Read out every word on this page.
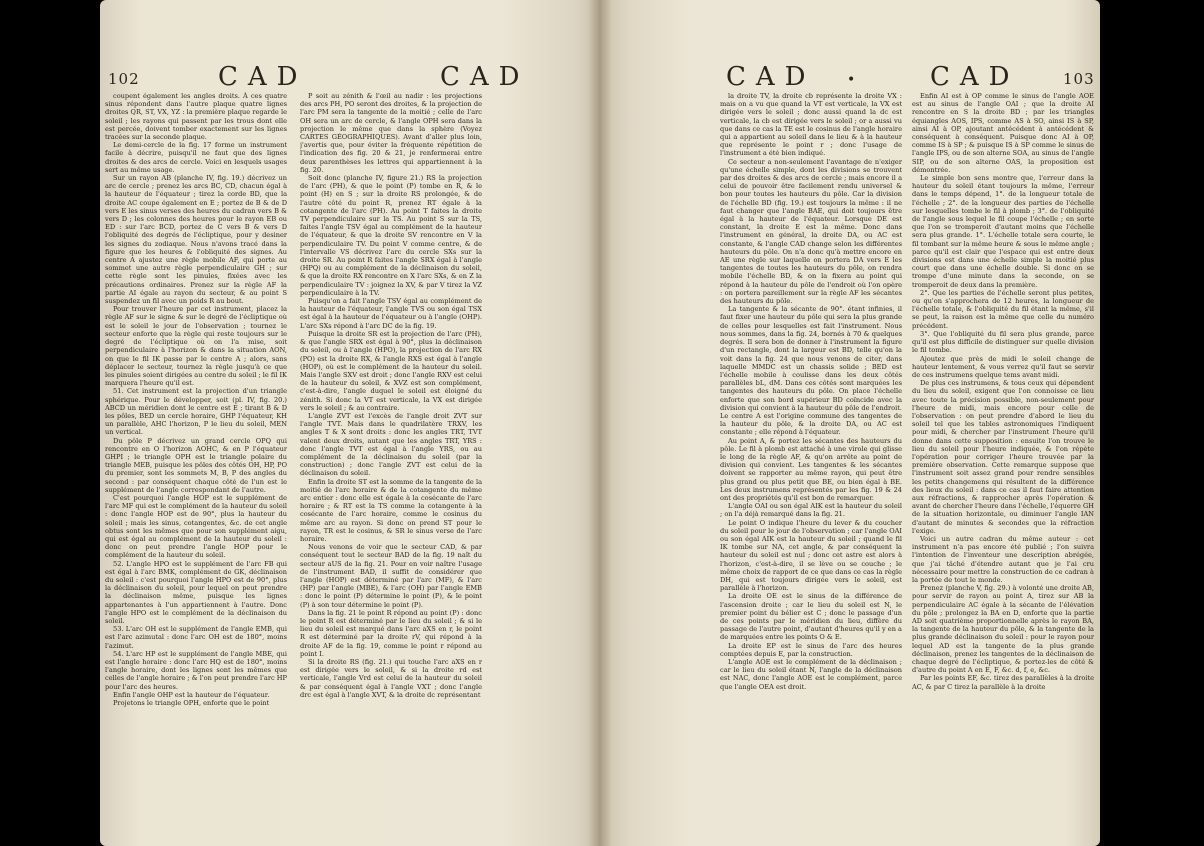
102	CAD	CAD

coupent également les angles droits. À ces quatre sinus répondent dans l'autre plaque quatre lignes droites QR, ST, VX, YZ : la première plaque regarde le soleil ; les rayons qui passent par les trous dont elle est percée, doivent tomber exactement sur les lignes tracées sur la seconde plaque.

Le demi-cercle de la fig. 17 forme un instrument facile à décrire, puisqu'il ne faut que des lignes droites & des arcs de cercle. Voici en lesquels usages sert au même usage.

Sur un rayon AB (planche IV, fig. 19.) décrivez un arc de cercle ; prenez les arcs BC, CD, chacun égal à la hauteur de l'équateur ; tirez la corde BD, que la droite AC coupe également en E ; portez de B & de D vers E les sinus verses des heures du cadran vers B & vers D ; les colonnes des heures pour le rayon EB ou ED : sur l'arc BCD, portez de C vers B & vers D l'obliquité des degrés de l'écliptique, pour y desiner les signes du zodiaque. Nous n'avons tracé dans la figure que les heures & l'obliquité des signes. Au centre A ajustez une règle mobile AF, qui porte au sommet une autre règle perpendiculaire GH ; sur cette règle sont les pinules, fixées avec les précautions ordinaires. Prenez sur la règle AF la partie AI égale au rayon du secteur, & au point S suspendez un fil avec un poids R au bout.

Pour trouver l'heure par cet instrument, placez la règle AF sur le signe & sur le degré de l'écliptique où est le soleil le jour de l'observation ; tournez le secteur enforte que la règle qui reste toujours sur le degré de l'écliptique où on l'a mise, soit perpendiculaire à l'horizon & dans la situation AON, on que le fil IK passe par le centre A ; alors, sans déplacer le secteur, tournez la règle jusqu'à ce que les pinules soient dirigées au centre du soleil ; le fil IK marquera l'heure qu'il est.

51. Cet instrument est la projection d'un triangle sphérique. Pour le développer, soit (pl. IV, fig. 20.) ABCD un méridien dont le centre est E ; tirant B & D les pôles, BED un cercle horaire, GHP l'équateur, KH un parallèle, AHC l'horizon, P le lieu du soleil, MEN un vertical.

Du pôle P décrivez un grand cercle OPQ qui rencontre en O l'horizon AOHC, & en P l'équateur GHPI ; le triangle OPH est le triangle polaire du triangle MEB, puisque les pôles des côtés OH, HP, PO du premier, sont les sommets M, B, P des angles du second : par conséquent chaque côté de l'un est le supplément de l'angle correspondant de l'autre.

C'est pourquoi l'angle HOP est le supplément de l'arc MF qui est le complément de la hauteur du soleil : donc l'angle HOP est de 90°, plus la hauteur du soleil ; mais les sinus, cotangentes, &c. de cet angle obtus sont les mêmes que pour son supplément aigu, qui est égal au complément de la hauteur du soleil : donc on peut prendre l'angle HOP pour le complément de la hauteur du soleil.

52. L'angle HPO est le supplément de l'arc FB qui est égal à l'arc BMK, complément de GK, déclinaison du soleil : c'est pourquoi l'angle HPO est de 90°, plus la déclinaison du soleil, pour lequel on peut prendre la déclinaison même, puisque les lignes appartenantes à l'un appartiennent à l'autre. Donc l'angle HPO est le complément de la déclinaison du soleil.

53. L'arc OH est le supplément de l'angle EMB, qui est l'arc azimutal : donc l'arc OH est de 180°, moins l'azimut.

54. L'arc HP est le supplément de l'angle MBE, qui est l'angle horaire : donc l'arc HQ est de 180°, moins l'angle horaire, dont les lignes sont les mêmes que celles de l'angle horaire ; & l'on peut prendre l'arc HP pour l'arc des heures.

Enfin l'angle OHP est la hauteur de l'équateur.

Projetons le triangle OPH, enforte que le point

P soit au zénith & l'œil au nadir : les projections des arcs PH, PO seront des droites, & la projection de l'arc PM sera la tangente de la moitié ; celle de l'arc OH sera un arc de cercle, & l'angle OPH sera dans la projection le même que dans la sphère (Voyez CARTES GÉOGRAPHIQUES). Avant d'aller plus loin, j'avertis que, pour éviter la fréquente répétition de l'indication des fig. 20 & 21, je renfermerai entre deux parenthèses les lettres qui appartiennent à la fig. 20.

Soit donc (planche IV, figure 21.) RS la projection de l'arc (PH), & que le point (P) tombe en R, & le point (H) en S ; sur la droite RS prolongée, & de l'autre côté du point R, prenez RT égale à la cotangente de l'arc (PH). Au point T faites la droite TV perpendiculaire sur la TS. Au point S sur la TS, faites l'angle TSV égal au complément de la hauteur de l'équateur, & que la droite SV rencontre en V la perpendiculaire TV. Du point V comme centre, & de l'intervalle VS décrivez l'arc du cercle SXs sur la droite SR. Au point R faites l'angle SRX égal à l'angle (HPQ) ou au complément de la déclinaison du soleil, & que la droite RX rencontre en X l'arc SXs, & en Z la perpendiculaire TV : joignez la XV, & par V tirez la VZ perpendiculaire à la TV.

Puisqu'on a fait l'angle TSV égal au complément de la hauteur de l'équateur, l'angle TVS ou son égal TSX est égal à la hauteur de l'équateur ou à l'angle (OHP). L'arc SXs répond à l'arc DC de la fig. 19.

Puisque la droite SR est la projection de l'arc (PH), & que l'angle SRX est égal à 90°, plus la déclinaison du soleil, ou à l'angle (HPO), la projection de l'arc RX (PO) est la droite RX, & l'angle RXS est égal à l'angle (HOP), où est le complément de la hauteur du soleil. Mais l'angle SXV est droit ; donc l'angle RXV est celui de la hauteur du soleil, & XVZ est son complément, c'est-à-dire, l'angle duquel le soleil est éloigné du zénith. Si donc la VT est verticale, la VX est dirigée vers le soleil ; & au contraire.

L'angle ZVT est l'excès de l'angle droit ZVT sur l'angle TVT. Mais dans le quadrilatère TRXV, les angles T & X sont droits : donc les angles TRT, TVT valent deux droits, autant que les angles TRT, YRS : donc l'angle TVT est égal à l'angle YRS, ou au complément de la déclinaison du soleil (par la construction) ; donc l'angle ZVT est celui de la déclinaison du soleil.

Enfin la droite ST est la somme de la tangente de la moitié de l'arc horaire & de la cotangente du même arc entier : donc elle est égale à la cosécante de l'arc horaire ; & RT est la TS comme la cotangente à la cosécante de l'arc horaire, comme le cosinus du même arc au rayon. Si donc on prend ST pour le rayon, TR est le cosinus, & SR le sinus verse de l'arc horaire.

Nous venons de voir que le secteur CAD, & par conséquent tout le secteur BAD de la fig. 19 naît du secteur aUS de la fig. 21. Pour en voir naître l'usage de l'instrument BAD, il suffit de considérer que l'angle (HOP) est déterminé par l'arc (MF), & l'arc (HP) par l'angle (MBE), & l'arc (OH) par l'angle EMB : donc le point (P) détermine le point (P), & le point (P) à son tour détermine le point (P).

Dans la fig. 21 le point R répond au point (P) : donc le point R est déterminé par le lieu du soleil ; & si le lieu du soleil est marqué dans l'arc aXS en r, le point R est déterminé par la droite rV, qui répond à la droite AF de la fig. 19, comme le point r répond au point I.

Si la droite RS (fig. 21.) qui touche l'arc aXS en r est dirigée vers le soleil, & si la droite rd est verticale, l'angle Vrd est celui de la hauteur du soleil & par conséquent égal à l'angle VXT ; donc l'angle drc est égal à l'angle XVT, & la droite dc représentant

CAD •	CAD	103

la droite TV, la droite cb représente la droite VX : mais on a vu que quand la VT est verticale, la VX est dirigée vers le soleil ; donc aussi quand la dc est verticale, la cb est dirigée vers le soleil ; or a aussi vu que dans ce cas la TE est le cosinus de l'angle horaire qui a appartient au soleil dans le lieu & à la hauteur que représente le point r ; donc l'usage de l'instrument a été bien indiqué.

Ce secteur a non-seulement l'avantage de n'exiger qu'une échelle simple, dont les divisions se trouvent par des droites & des arcs de cercle ; mais encore il a celui de pouvoir être facilement rendu universel & bon pour toutes les hauteurs du pôle. Car la division de l'échelle BD (fig. 19.) est toujours la même : il ne faut changer que l'angle BAE, qui doit toujours être égal à la hauteur de l'équateur. Lorsque DE est constant, la droite E est la même. Donc dans l'instrument en général, la droite DA, ou AC est constante, & l'angle CAD change selon les différentes hauteurs du pôle. On n'a donc qu'à mettre encore en AE une règle sur laquelle on portera DA vers E les tangentes de toutes les hauteurs du pôle, on rendra mobile l'échelle BD, & on la fixera au point qui répond à la hauteur du pôle de l'endroit où l'on opère : on portera pareillement sur la règle AF les sécantes des hauteurs du pôle.

La tangente & la sécante de 90°. étant infinies, il faut fixer une hauteur du pôle qui sera la plus grande de celles pour lesquelles est fait l'instrument. Nous nous sommes, dans la fig. 24, bornés à 70 & quelques degrés. Il sera bon de donner à l'instrument la figure d'un rectangle, dont la largeur est BD, telle qu'on la voit dans la fig. 24 que nous venons de citer, dans laquelle MMDC est un chassis solide ; BED est l'échelle mobile à coulisse dans les deux côtés parallèles bL, dM. Dans ces côtés sont marquées les tangentes des hauteurs du pôle. On place l'échelle enforte que son bord supérieur BD coïncide avec la division qui convient à la hauteur du pôle de l'endroit. Le centre A est l'origine commune des tangentes de la hauteur du pôle, & la droite DA, ou AC est constante ; elle répond à l'équateur.

Au point A, & portez les sécantes des hauteurs du pôle. Le fil à plomb est attaché à une virole qui glisse le long de la règle AF, & qu'on arrête au point de division qui convient. Les tangentes & les sécantes doivent se rapporter au même rayon, qui peut être plus grand ou plus petit que BE, ou bien égal à BE. Les deux instrumens représentés par les fig. 19 & 24 ont des propriétés qu'il est bon de remarquer.

L'angle OAI ou son égal AIK est la hauteur du soleil ; on l'a déjà remarqué dans la fig. 21.

Le point O indique l'heure du lever & du coucher du soleil pour le jour de l'observation ; car l'angle OAI ou son égal AIK est la hauteur du soleil ; quand le fil IK tombe sur NA, cet angle, & par conséquent la hauteur du soleil est nul ; donc cet astre est alors à l'horizon, c'est-à-dire, il se lève ou se couche ; le même choix de rapport de ce que dans ce cas la règle DH, qui est toujours dirigée vers le soleil, est parallèle à l'horizon.

La droite OE est le sinus de la différence de l'ascension droite ; car le lieu du soleil est N, le premier point du bélier est C ; donc le passage d'un de ces points par le méridien du lieu, diffère du passage de l'autre point, d'autant d'heures qu'il y en a de marquées entre les points O & E.

La droite EP est le sinus de l'arc des heures comptées depuis E, par la construction.

L'angle AOE est le complément de la déclinaison ; car le lieu du soleil étant N, l'angle de la déclinaison est NAC, donc l'angle AOE est le complément, parce que l'angle OEA est droit.

Enfin AI est à OP comme le sinus de l'angle AOE est au sinus de l'angle OAI ; que la droite AI rencontre en S la droite BD ; par les triangles équiangles AOS, IPS, comme AS à SO, ainsi IS à SP, ainsi AI à OP, ajoutant antécédent à antécédent & conséquent à conséquent. Puisque donc AI à OP, comme IS à SP ; & puisque IS à SP comme le sinus de l'angle IPS, ou de son alterne SOA, au sinus de l'angle SIP, ou de son alterne OAS, la proposition est démontrée.

Le simple bon sens montre que, l'erreur dans la hauteur du soleil étant toujours la même, l'erreur dans le temps dépend, 1°. de la longueur totale de l'échelle ; 2°. de la longueur des parties de l'échelle sur lesquelles tombe le fil à plomb ; 3°. de l'obliquité de l'angle sous lequel le fil coupe l'échelle ; en sorte que l'on se tromperoit d'autant moins que l'échelle sera plus grande. 1°. L'échelle totale sera courte, le fil tombant sur la même heure & sous le même angle ; parce qu'il est clair que l'espace qui est entre deux divisions est dans une échelle simple la moitié plus court que dans une échelle double. Si donc on se trompe d'une minute dans la seconde, on se tromperoit de deux dans la première.

2°. Que les parties de l'échelle seront plus petites, ou qu'on s'approchera de 12 heures, la longueur de l'échelle totale, & l'obliquité du fil étant la même, s'il se peut, la raison est la même que celle du numéro précédent.

3°. Que l'obliquité du fil sera plus grande, parce qu'il est plus difficile de distinguer sur quelle division le fil tombe.

Ajoutez que près de midi le soleil change de hauteur lentement, & vous verrez qu'il faut se servir de ces instrumens quelque tems avant midi.

De plus ces instrumens, & tous ceux qui dépendent du lieu du soleil, exigent que l'on connoisse ce lieu avec toute la précision possible, non-seulement pour l'heure de midi, mais encore pour celle de l'observation : on peut prendre d'abord le lieu du soleil tel que les tables astronomiques l'indiquent pour midi, & chercher par l'instrument l'heure qu'il donne dans cette supposition : ensuite l'on trouve le lieu du soleil pour l'heure indiquée, & l'on répète l'opération pour corriger l'heure trouvée par la première observation. Cette remarque suppose que l'instrument soit assez grand pour rendre sensibles les petits changemens qui résultent de la différence des lieux du soleil : dans ce cas il faut faire attention aux réfractions, & rapprocher après l'opération & avant de chercher l'heure dans l'échelle, l'équerre GH de la situation horizontale, ou diminuer l'angle IAN d'autant de minutes & secondes que la réfraction l'exige.

Voici un autre cadran du même auteur : cet instrument n'a pas encore été publié ; l'on suivra l'intention de l'inventeur une description abrégée, que j'ai tâché d'étendre autant que je l'ai cru nécessaire pour mettre la construction de ce cadran à la portée de tout le monde.

Prenez (planche V, fig. 29.) à volonté une droite AB, pour servir de rayon au point A, tirez sur AB la perpendiculaire AC égale à la sécante de l'élévation du pôle ; prolongez la BA en D, enforte que la partie AD soit quatrième proportionnelle après le rayon BA, la tangente de la hauteur du pôle, & la tangente de la plus grande déclinaison du soleil : pour le rayon pour lequel AD est la tangente de la plus grande déclinaison, prenez les tangentes de la déclinaison de chaque degré de l'écliptique, & portez-les de côté & d'autre du point A en E, F, &c. d, f, e, &c.

Par les points EF, &c. tirez des parallèles à la droite AC, & par C tirez la parallèle à la droite
